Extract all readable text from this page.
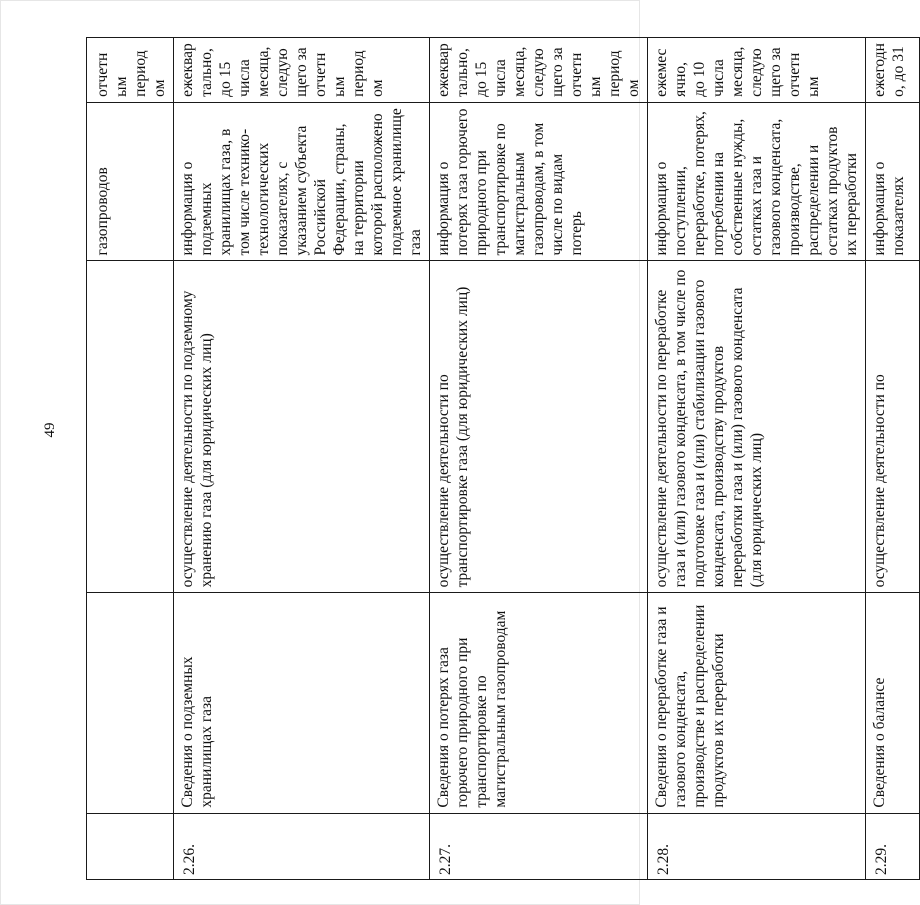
49
			газопроводов	отчетным периодом
2.26.	Сведения о подземных хранилищах газа	осуществление деятельности по подземному хранению газа (для юридических лиц)	информация о подземных хранилищах газа, в том числе технико-технологических показателях, с указанием субъекта Российской Федерации, страны, на территории которой расположено подземное хранилище газа	ежеквартально, до 15 числа месяца, следующего за отчетным периодом
2.27.	Сведения о потерях газа горючего природного при транспортировке по магистральным газопроводам	осуществление деятельности по транспортировке газа (для юридических лиц)	информация о потерях газа горючего природного при транспортировке по магистральным газопроводам, в том числе по видам потерь	ежеквартально, до 15 числа месяца, следующего за отчетным периодом
2.28.	Сведения о переработке газа и газового конденсата, производстве и распределении продуктов их переработки	осуществление деятельности по переработке газа и (или) газового конденсата, в том числе по подготовке газа и (или) стабилизации газового конденсата, производству продуктов переработки газа и (или) газового конденсата (для юридических лиц)	информация о поступлении, переработке, потерях, потреблении на собственные нужды, остатках газа и газового конденсата, производстве, распределении и остатках продуктов их переработки	ежемесячно, до 10 числа месяца, следующего за отчетным
2.29.	Сведения о балансе	осуществление деятельности по	информация о показателях	ежегодно, до 31
